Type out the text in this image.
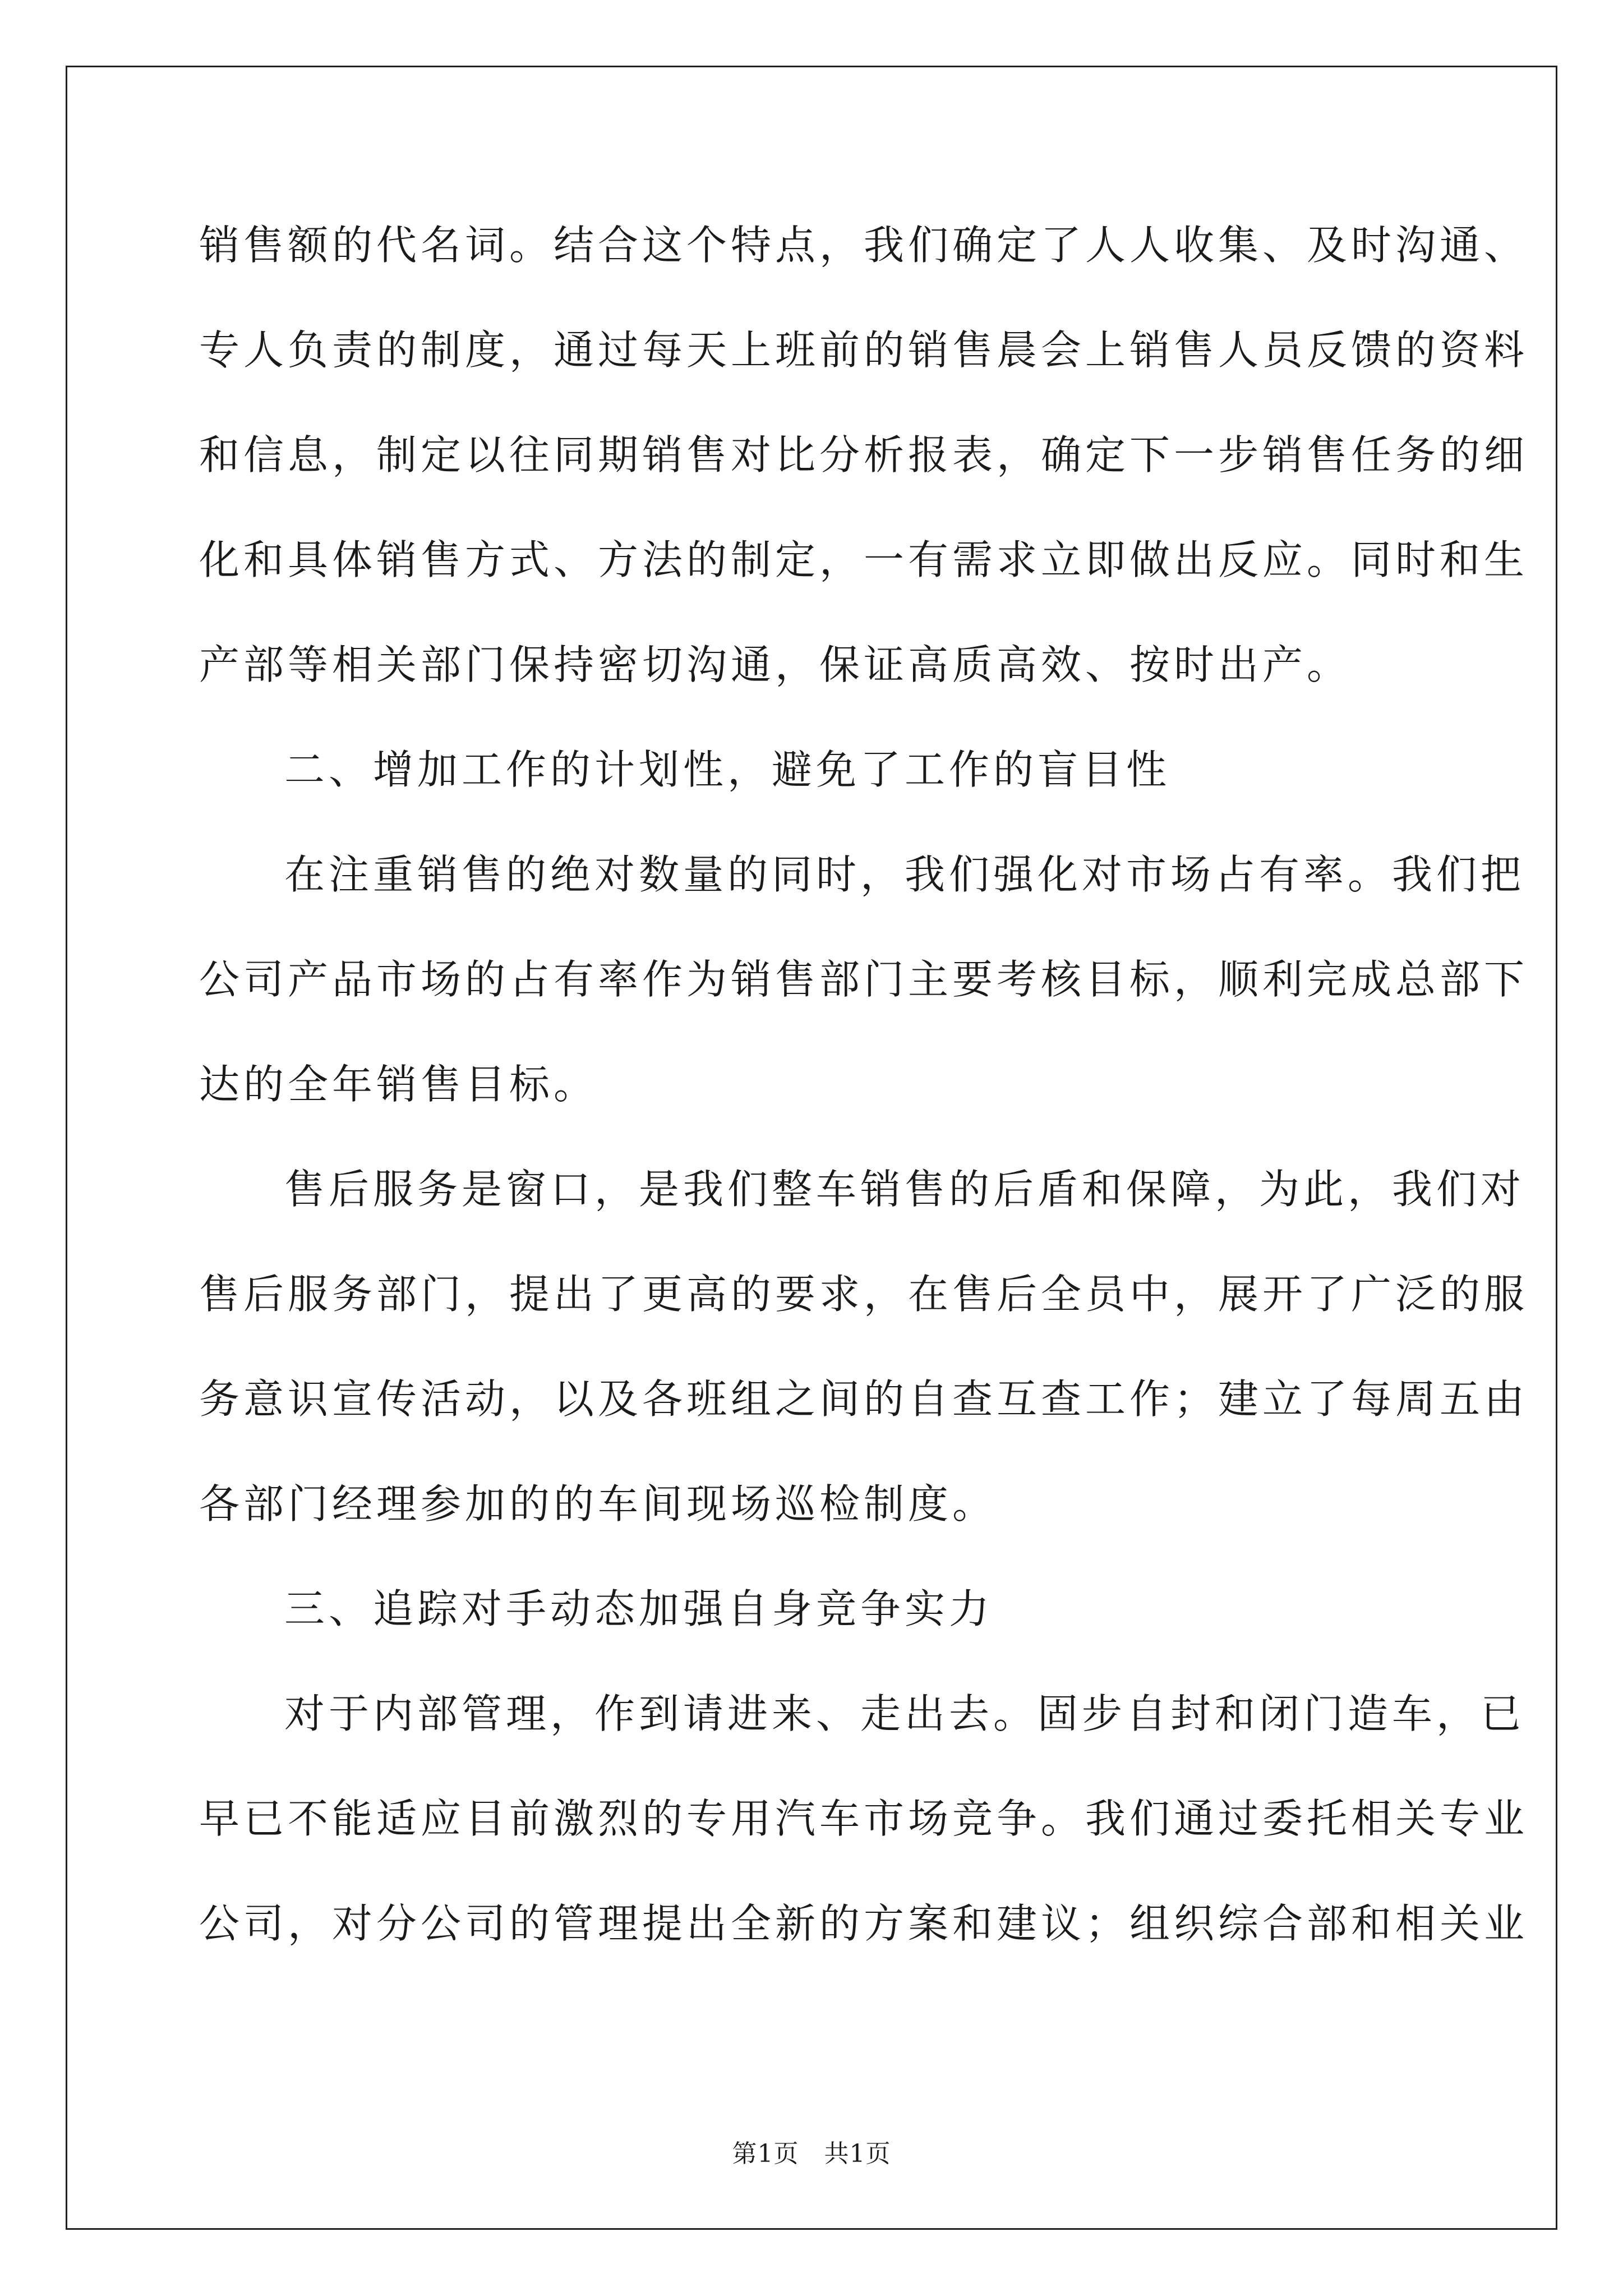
销售额的代名词。结合这个特点，我们确定了人人收集、及时沟通、

专人负责的制度，通过每天上班前的销售晨会上销售人员反馈的资料

和信息，制定以往同期销售对比分析报表，确定下一步销售任务的细

化和具体销售方式、方法的制定，一有需求立即做出反应。同时和生

产部等相关部门保持密切沟通，保证高质高效、按时出产。

二、增加工作的计划性，避免了工作的盲目性

在注重销售的绝对数量的同时，我们强化对市场占有率。我们把

公司产品市场的占有率作为销售部门主要考核目标，顺利完成总部下

达的全年销售目标。

售后服务是窗口，是我们整车销售的后盾和保障，为此，我们对

售后服务部门，提出了更高的要求，在售后全员中，展开了广泛的服

务意识宣传活动，以及各班组之间的自查互查工作；建立了每周五由

各部门经理参加的的车间现场巡检制度。

三、追踪对手动态加强自身竞争实力

对于内部管理，作到请进来、走出去。固步自封和闭门造车，已

早已不能适应目前激烈的专用汽车市场竞争。我们通过委托相关专业

公司，对分公司的管理提出全新的方案和建议；组织综合部和相关业

第1页 共1页
